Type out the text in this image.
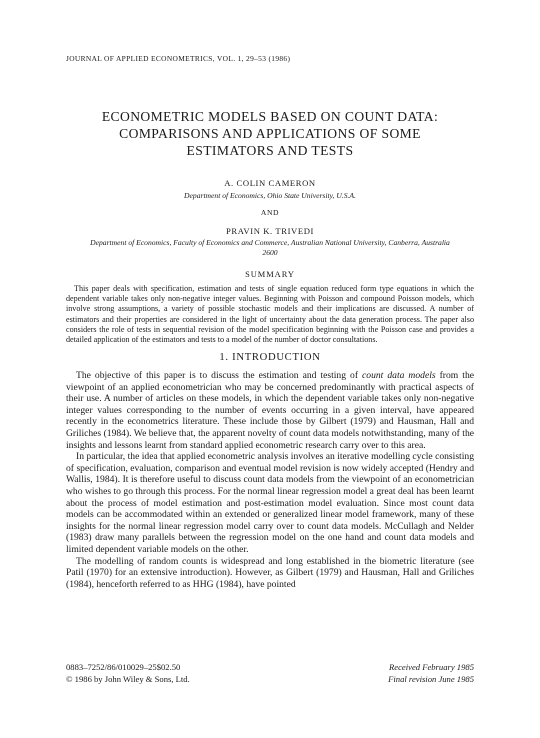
JOURNAL OF APPLIED ECONOMETRICS, VOL. 1, 29–53 (1986)
ECONOMETRIC MODELS BASED ON COUNT DATA:
COMPARISONS AND APPLICATIONS OF SOME
ESTIMATORS AND TESTS
A. COLIN CAMERON
Department of Economics, Ohio State University, U.S.A.
AND
PRAVIN K. TRIVEDI
Department of Economics, Faculty of Economics and Commerce, Australian National University, Canberra, Australia
2600
SUMMARY

This paper deals with specification, estimation and tests of single equation reduced form type equations in which the dependent variable takes only non-negative integer values. Beginning with Poisson and compound Poisson models, which involve strong assumptions, a variety of possible stochastic models and their implications are discussed. A number of estimators and their properties are considered in the light of uncertainty about the data generation process. The paper also considers the role of tests in sequential revision of the model specification beginning with the Poisson case and provides a detailed application of the estimators and tests to a model of the number of doctor consultations.

1. INTRODUCTION

The objective of this paper is to discuss the estimation and testing of count data models from the viewpoint of an applied econometrician who may be concerned predominantly with practical aspects of their use. A number of articles on these models, in which the dependent variable takes only non-negative integer values corresponding to the number of events occurring in a given interval, have appeared recently in the econometrics literature. These include those by Gilbert (1979) and Hausman, Hall and Griliches (1984). We believe that, the apparent novelty of count data models notwithstanding, many of the insights and lessons learnt from standard applied econometric research carry over to this area.

In particular, the idea that applied econometric analysis involves an iterative modelling cycle consisting of specification, evaluation, comparison and eventual model revision is now widely accepted (Hendry and Wallis, 1984). It is therefore useful to discuss count data models from the viewpoint of an econometrician who wishes to go through this process. For the normal linear regression model a great deal has been learnt about the process of model estimation and post-estimation model evaluation. Since most count data models can be accommodated within an extended or generalized linear model framework, many of these insights for the normal linear regression model carry over to count data models. McCullagh and Nelder (1983) draw many parallels between the regression model on the one hand and count data models and limited dependent variable models on the other.

The modelling of random counts is widespread and long established in the biometric literature (see Patil (1970) for an extensive introduction). However, as Gilbert (1979) and Hausman, Hall and Griliches (1984), henceforth referred to as HHG (1984), have pointed

0883–7252/86/010029–25$02.50
© 1986 by John Wiley & Sons, Ltd.
Received February 1985
Final revision June 1985
